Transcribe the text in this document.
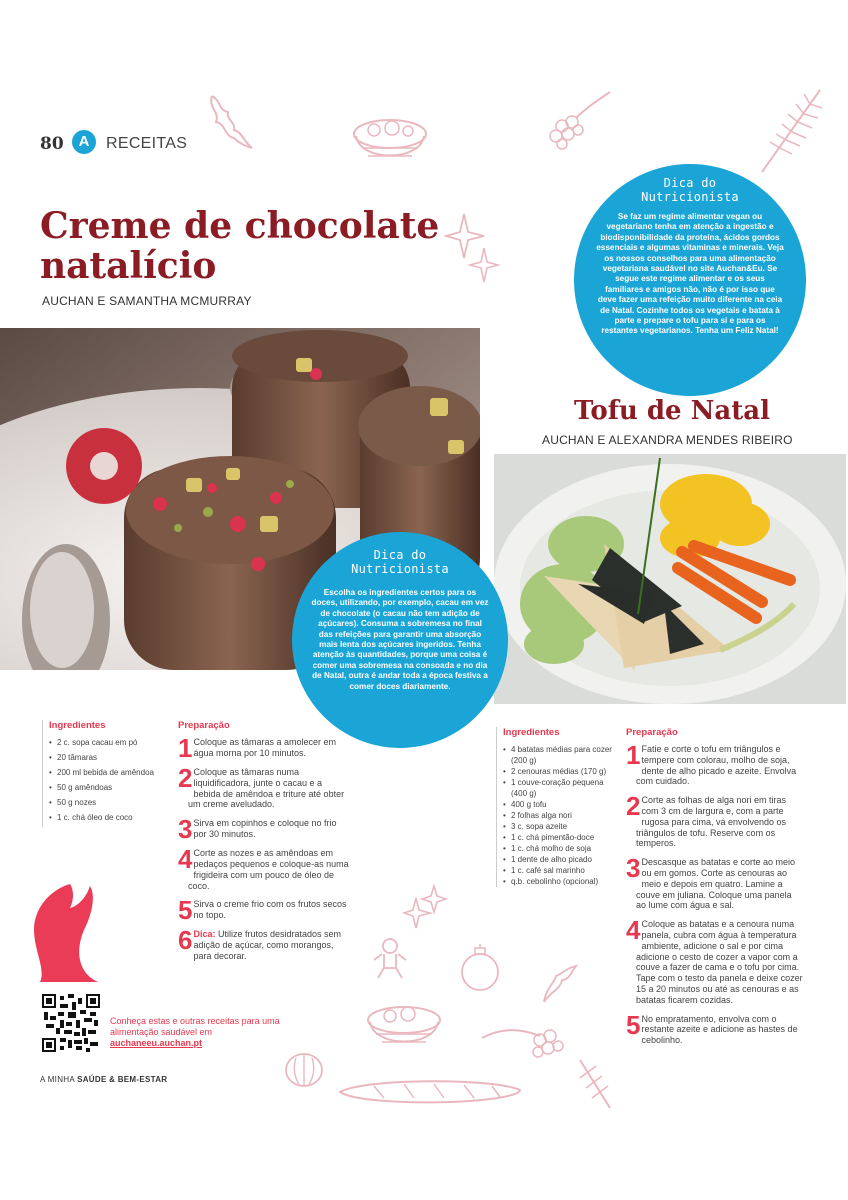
80 A	RECEITAS
Creme de chocolate natalício
AUCHAN E SAMANTHA MCMURRAY
Dica do
Nutricionista
Se faz um regime alimentar vegan ou vegetariano tenha em atenção a ingestão e biodisponibilidade da proteína, ácidos gordos essenciais e algumas vitaminas e minerais. Veja os nossos conselhos para uma alimentação vegetariana saudável no site Auchan&Eu. Se segue este regime alimentar e os seus familiares e amigos não, não é por isso que deve fazer uma refeição muito diferente na ceia de Natal. Cozinhe todos os vegetais e batata à parte e prepare o tofu para si e para os restantes vegetarianos. Tenha um Feliz Natal!
Dica do
Nutricionista
Escolha os ingredientes certos para os doces, utilizando, por exemplo, cacau em vez de chocolate (o cacau não tem adição de açúcares). Consuma a sobremesa no final das refeições para garantir uma absorção mais lenta dos açúcares ingeridos. Tenha atenção às quantidades, porque uma coisa é comer uma sobremesa na consoada e no dia de Natal, outra é andar toda a época festiva a comer doces diariamente.
Tofu de Natal
AUCHAN E ALEXANDRA MENDES RIBEIRO
Ingredientes
• 2 c. sopa cacau em pó
• 20 tâmaras
• 200 ml bebida de amêndoa
• 50 g amêndoas
• 50 g nozes
• 1 c. chá óleo de coco
Preparação
1 Coloque as tâmaras a amolecer em água morna por 10 minutos.
2 Coloque as tâmaras numa liquidificadora, junte o cacau e a bebida de amêndoa e triture até obter um creme aveludado.
3 Sirva em copinhos e coloque no frio por 30 minutos.
4 Corte as nozes e as amêndoas em pedaços pequenos e coloque-as numa frigideira com um pouco de óleo de coco.
5 Sirva o creme frio com os frutos secos no topo.
6 Dica: Utilize frutos desidratados sem adição de açúcar, como morangos, para decorar.
Ingredientes
• 4 batatas médias para cozer (200 g)
• 2 cenouras médias (170 g)
• 1 couve-coração pequena (400 g)
• 400 g tofu
• 2 folhas alga nori
• 3 c. sopa azeite
• 1 c. chá pimentão-doce
• 1 c. chá molho de soja
• 1 dente de alho picado
• 1 c. café sal marinho
• q.b. cebolinho (opcional)
Preparação
1 Fatie e corte o tofu em triângulos e tempere com colorau, molho de soja, dente de alho picado e azeite. Envolva com cuidado.
2 Corte as folhas de alga nori em tiras com 3 cm de largura e, com a parte rugosa para cima, vá envolvendo os triângulos de tofu. Reserve com os temperos.
3 Descasque as batatas e corte ao meio ou em gomos. Corte as cenouras ao meio e depois em quatro. Lamine a couve em juliana. Coloque uma panela ao lume com água e sal.
4 Coloque as batatas e a cenoura numa panela, cubra com água à temperatura ambiente, adicione o sal e por cima adicione o cesto de cozer a vapor com a couve a fazer de cama e o tofu por cima. Tape com o testo da panela e deixe cozer 15 a 20 minutos ou até as cenouras e as batatas ficarem cozidas.
5 No empratamento, envolva com o restante azeite e adicione as hastes de cebolinho.
Conheça estas e outras receitas para uma alimentação saudável em auchaneeu.auchan.pt
A MINHA SAÚDE & BEM-ESTAR
